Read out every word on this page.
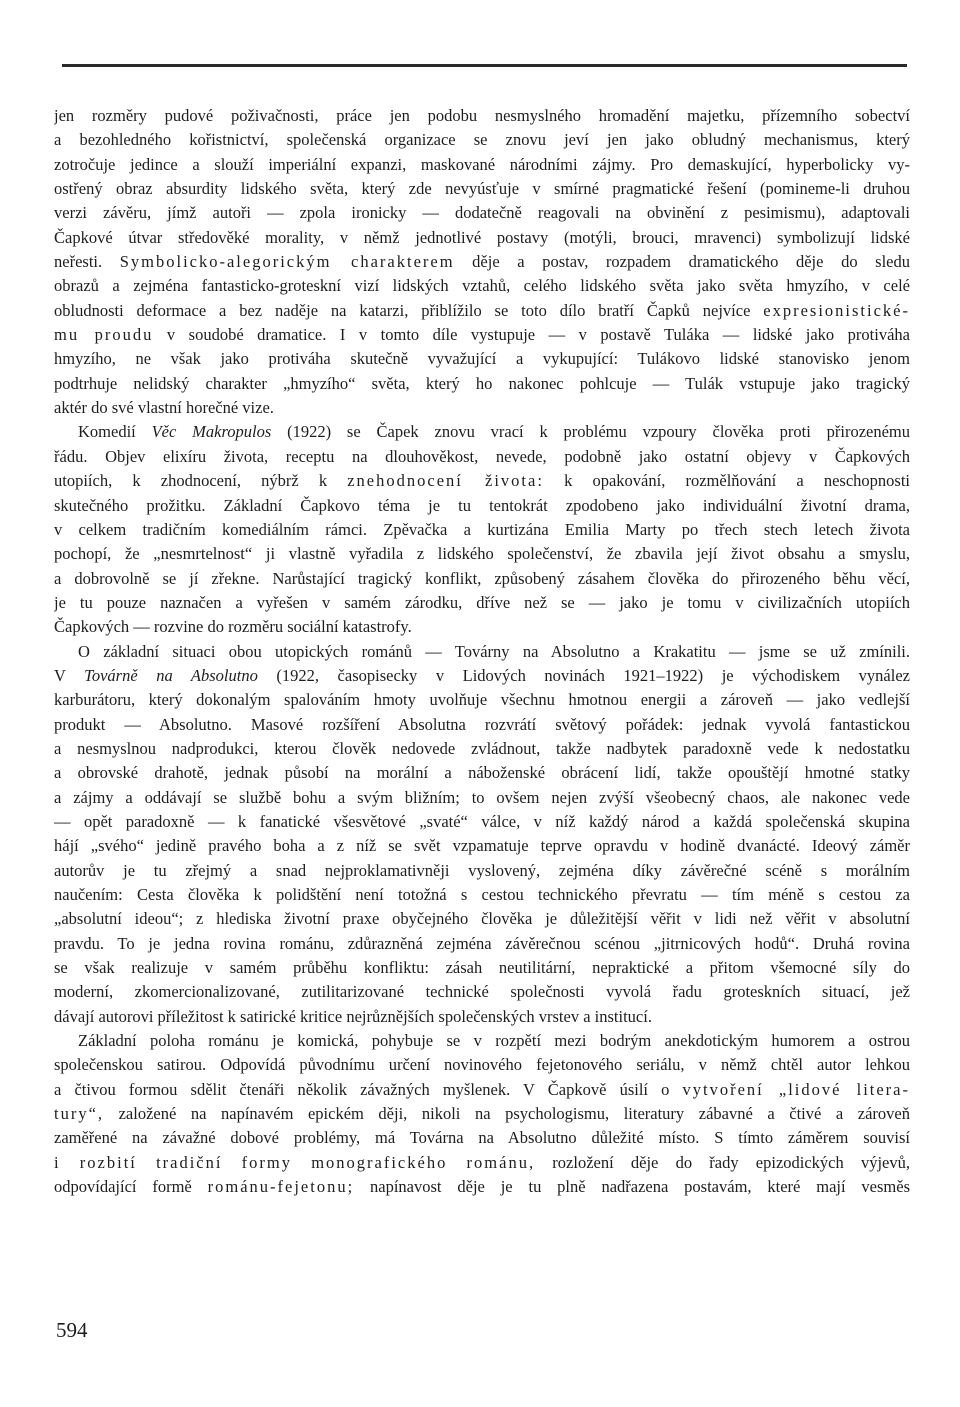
jen rozměry pudové poživačnosti, práce jen podobu nesmyslného hromadění majetku, přízemního sobectví
a bezohledného kořistnictví, společenská organizace se znovu jeví jen jako obludný mechanismus, který
zotročuje jedince a slouží imperiální expanzi, maskované národními zájmy. Pro demaskující, hyperbolicky vy-
ostřený obraz absurdity lidského světa, který zde nevyúsťuje v smírné pragmatické řešení (pomineme-li druhou
verzi závěru, jímž autoři — zpola ironicky — dodatečně reagovali na obvinění z pesimismu), adaptovali
Čapkové útvar středověké morality, v němž jednotlivé postavy (motýli, brouci, mravenci) symbolizují lidské
neřesti. Symbolicko-alegorickým charakterem děje a postav, rozpadem dramatického děje do sledu
obrazů a zejména fantastickо-groteskní vizí lidských vztahů, celého lidského světa jako světa hmyzího, v celé
obludnosti deformace a bez naděje na katarzi, přiblížilo se toto dílo bratří Čapků nejvíce expresionistické-
mu proudu v soudobé dramatice. I v tomto díle vystupuje — v postavě Tuláka — lidské jako protiváha
hmyzího, ne však jako protiváha skutečně vyvažující a vykupující: Tulákovo lidské stanovisko jenom
podtrhuje nelidský charakter „hmyzího“ světa, který ho nakonec pohlcuje — Tulák vstupuje jako tragický
aktér do své vlastní horečné vize.
Komedií Věc Makropulos (1922) se Čapek znovu vrací k problému vzpoury člověka proti přirozenému
řádu. Objev elixíru života, receptu na dlouhověkost, nevede, podobně jako ostatní objevy v Čapkových
utopiích, k zhodnocení, nýbrž k znehodnocení života: k opakování, rozmělňování a neschopnosti
skutečného prožitku. Základní Čapkovo téma je tu tentokrát zpodobeno jako individuální životní drama,
v celkem tradičním komediálním rámci. Zpěvačka a kurtizána Emilia Marty po třech stech letech života
pochopí, že „nesmrtelnost“ ji vlastně vyřadila z lidského společenství, že zbavila její život obsahu a smyslu,
a dobrovolně se jí zřekne. Narůstající tragický konflikt, způsobený zásahem člověka do přirozeného běhu věcí,
je tu pouze naznačen a vyřešen v samém zárodku, dříve než se — jako je tomu v civilizačních utopiích
Čapkových — rozvine do rozměru sociální katastrofy.
O základní situaci obou utopických románů — Továrny na Absolutno a Krakatitu — jsme se už zmínili.
V Továrně na Absolutno (1922, časopisecky v Lidových novinách 1921–1922) je východiskem vynález
karburátoru, který dokonalým spalováním hmoty uvolňuje všechnu hmotnou energii a zároveň — jako vedlejší
produkt — Absolutno. Masové rozšíření Absolutna rozvrátí světový pořádek: jednak vyvolá fantastickou
a nesmyslnou nadprodukci, kterou člověk nedovede zvládnout, takže nadbytek paradoxně vede k nedostatku
a obrovské drahotě, jednak působí na morální a náboženské obrácení lidí, takže opouštějí hmotné statky
a zájmy a oddávají se službě bohu a svým bližním; to ovšem nejen zvýší všeobecný chaos, ale nakonec vede
— opět paradoxně — k fanatické všesvětové „svaté“ válce, v níž každý národ a každá společenská skupina
hájí „svého“ jedině pravého boha a z níž se svět vzpamatuje teprve opravdu v hodině dvanácté. Ideový záměr
autorův je tu zřejmý a snad nejproklamativněji vyslovený, zejména díky závěrečné scéně s morálním
naučením: Cesta člověka k polidštění není totožná s cestou technického převratu — tím méně s cestou za
„absolutní ideou“; z hlediska životní praxe obyčejného člověka je důležitější věřit v lidi než věřit v absolutní
pravdu. To je jedna rovina románu, zdůrazněná zejména závěrečnou scénou „jitrnicových hodů“. Druhá rovina
se však realizuje v samém průběhu konfliktu: zásah neutilitární, nepraktické a přitom všemocné síly do
moderní, zkomercionalizované, zutilitarizované technické společnosti vyvolá řadu groteskních situací, jež
dávají autorovi příležitost k satirické kritice nejrůznějších společenských vrstev a institucí.
Základní poloha románu je komická, pohybuje se v rozpětí mezi bodrým anekdotickým humorem a ostrou
společenskou satirou. Odpovídá původnímu určení novinového fejetonového seriálu, v němž chtěl autor lehkou
a čtivou formou sdělit čtenáři několik závažných myšlenek. V Čapkově úsilí o vytvoření „lidové litera-
tury“, založené na napínavém epickém ději, nikoli na psychologismu, literatury zábavné a čtivé a zároveň
zaměřené na závažné dobové problémy, má Továrna na Absolutno důležité místo. S tímto záměrem souvisí
i rozbití tradiční formy monografického románu, rozložení děje do řady epizodických výjevů,
odpovídající formě románu-fejetonu; napínavost děje je tu plně nadřazena postavám, které mají vesměs
594
